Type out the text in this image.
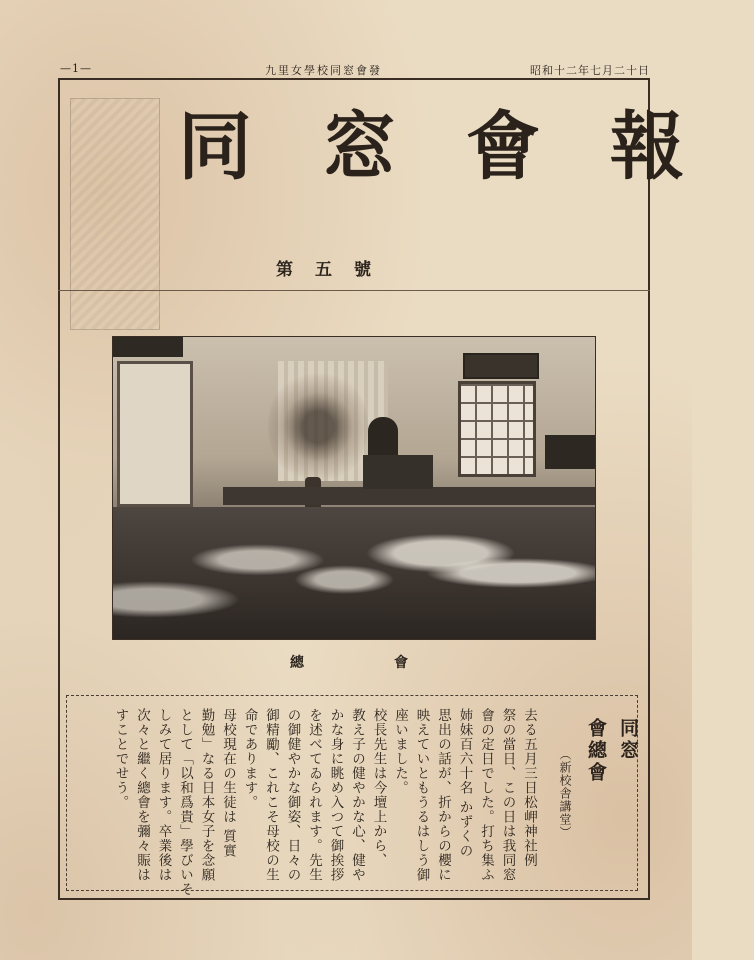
—1—	九里女學校同窓會發	昭和十二年七月二十日
同窓會報
第五號
總會
同窓
會總會
（新校舎講堂）
去る五月三日松岬神社例
祭の當日、この日は我同窓
會の定日でした。打ち集ふ
姉妹百六十名 かずくの
思出の話が、折からの櫻に
映えていともうるはしう御
座いました。
校長先生は今壇上から、
教え子の健やかな心、健や
かな身に眺め入つて御挨拶
を述べてゐられます。先生
の御健やかな御姿、日々の
御精勵、これこそ母校の生
命であります。
母校現在の生徒は 質實
勤勉」なる日本女子を念願
として「以和爲貴」學びいそ
しみて居ります。卒業後は
次々と繼く總會を彌々賑は
すことでせう。
